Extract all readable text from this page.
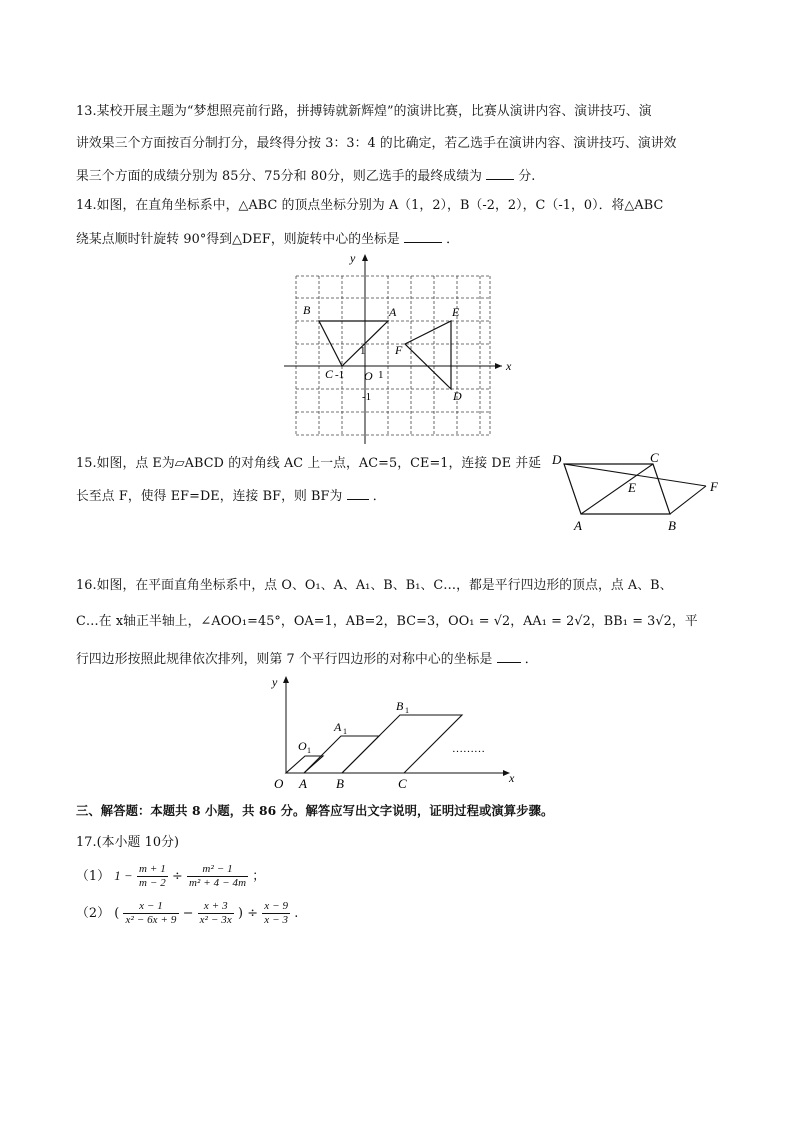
13.某校开展主题为“梦想照亮前行路，拼搏铸就新辉煌”的演讲比赛，比赛从演讲内容、演讲技巧、演
讲效果三个方面按百分制打分，最终得分按 3：3：4 的比确定，若乙选手在演讲内容、演讲技巧、演讲效
果三个方面的成绩分别为 85分、75分和 80分，则乙选手的最终成绩为	分.
14.如图，在直角坐标系中，△ABC 的顶点坐标分别为 A（1，2），B（-2，2），C（-1，0）．将△ABC
绕某点顺时针旋转 90°得到△DEF，则旋转中心的坐标是	．
y
x
B	A	E
F
D
C -1 O 1
1
-1
15.如图，点 E为▱ABCD 的对角线 AC 上一点，AC=5，CE=1，连接 DE 并延
长至点 F，使得 EF=DE，连接 BF，则 BF为 ．
D	C
E	F
A	B
16.如图，在平面直角坐标系中，点 O、O₁、A、A₁、B、B₁、C…，都是平行四边形的顶点，点 A、B、
C…在 x轴正半轴上，∠AOO₁=45°，OA=1，AB=2，BC=3，OO₁ = √2，AA₁ = 2√2，BB₁ = 3√2，平
行四边形按照此规律依次排列，则第 7 个平行四边形的对称中心的坐标是	．
y
x
O A B	C
O 1
A 1
B 1
………
三、解答题：本题共 8 小题，共 86 分。解答应写出文字说明，证明过程或演算步骤。
17.(本小题 10分)
（1） $1 - \frac{m + 1}{m - 2} \div \frac{\text{m² − 1}}{\text{m² + 4 − 4m}}$ ；
（2） ( $\frac{x - 1}{\text{x² − 6x + 9}} - \frac{x + 3}{\text{x² − 3x}}$ ) ÷ $\frac{x - 9}{x - 3}$ .
